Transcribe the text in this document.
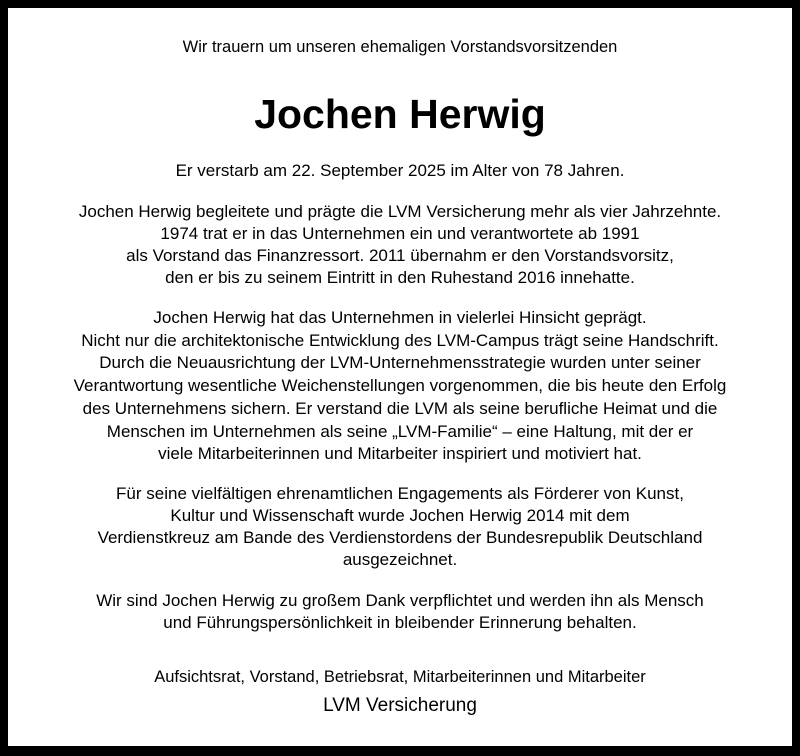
Wir trauern um unseren ehemaligen Vorstandsvorsitzenden
Jochen Herwig
Er verstarb am 22. September 2025 im Alter von 78 Jahren.
Jochen Herwig begleitete und prägte die LVM Versicherung mehr als vier Jahrzehnte.
1974 trat er in das Unternehmen ein und verantwortete ab 1991
als Vorstand das Finanzressort. 2011 übernahm er den Vorstandsvorsitz,
den er bis zu seinem Eintritt in den Ruhestand 2016 innehatte.
Jochen Herwig hat das Unternehmen in vielerlei Hinsicht geprägt.
Nicht nur die architektonische Entwicklung des LVM-Campus trägt seine Handschrift.
Durch die Neuausrichtung der LVM-Unternehmensstrategie wurden unter seiner
Verantwortung wesentliche Weichenstellungen vorgenommen, die bis heute den Erfolg
des Unternehmens sichern. Er verstand die LVM als seine berufliche Heimat und die
Menschen im Unternehmen als seine „LVM-Familie“ – eine Haltung, mit der er
viele Mitarbeiterinnen und Mitarbeiter inspiriert und motiviert hat.
Für seine vielfältigen ehrenamtlichen Engagements als Förderer von Kunst,
Kultur und Wissenschaft wurde Jochen Herwig 2014 mit dem
Verdienstkreuz am Bande des Verdienstordens der Bundesrepublik Deutschland
ausgezeichnet.
Wir sind Jochen Herwig zu großem Dank verpflichtet und werden ihn als Mensch
und Führungspersönlichkeit in bleibender Erinnerung behalten.
Aufsichtsrat, Vorstand, Betriebsrat, Mitarbeiterinnen und Mitarbeiter
LVM Versicherung
